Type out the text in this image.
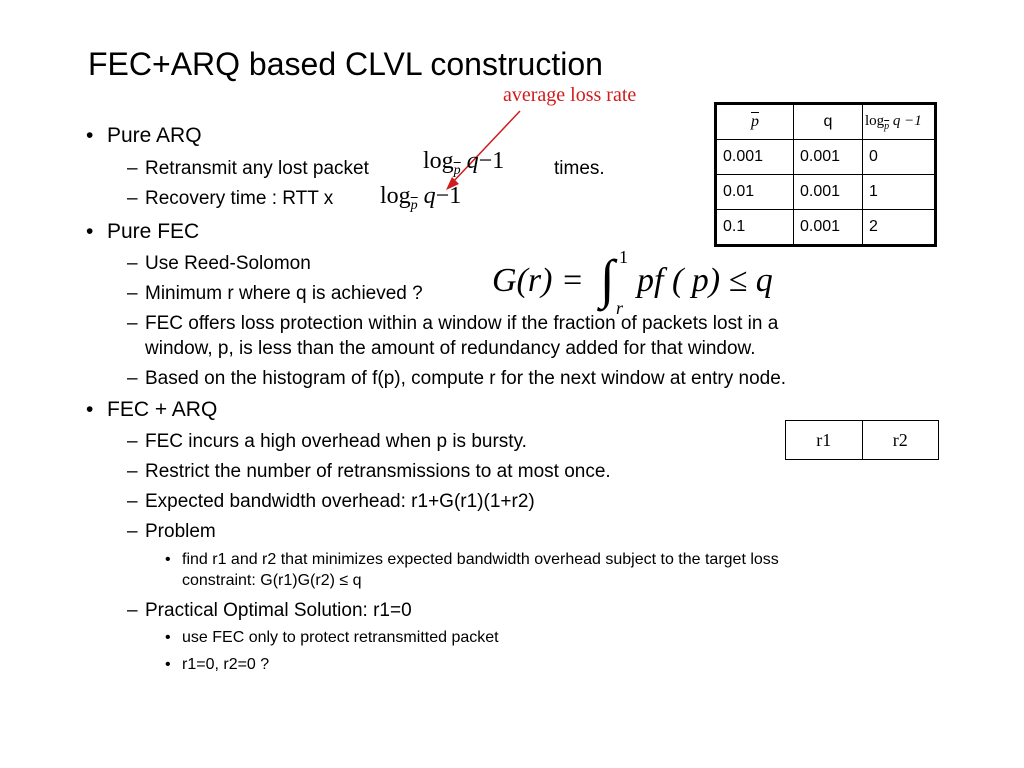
FEC+ARQ based CLVL construction
average loss rate
• Pure ARQ
– Retransmit any lost packet $\log_{\overline{p}} q-1$	times.
– Recovery time : RTT x $\log_{\overline{p}} q-1$
• Pure FEC
– Use Reed-Solomon
– Minimum r where q is achieved ? G(r) = ∫ 1
r
pf ( p) ≤ q
– FEC offers loss protection within a window if the fraction of packets lost in a
window, p, is less than the amount of redundancy added for that window.
– Based on the histogram of f(p), compute r for the next window at entry node.
• FEC + ARQ
– FEC incurs a high overhead when p is bursty.
– Restrict the number of retransmissions to at most once.
– Expected bandwidth overhead: r1+G(r1)(1+r2)
– Problem
• find r1 and r2 that minimizes expected bandwidth overhead subject to the target loss
constraint: G(r1)G(r2) ≤ q
– Practical Optimal Solution: r1=0
• use FEC only to protect retransmitted packet
• r1=0, r2=0 ?
$\overline{p}$	q	$\log_{\overline{p}} q -1$
0.001	0.001	0
0.01	0.001	1
0.1	0.001	2
r1	r2
